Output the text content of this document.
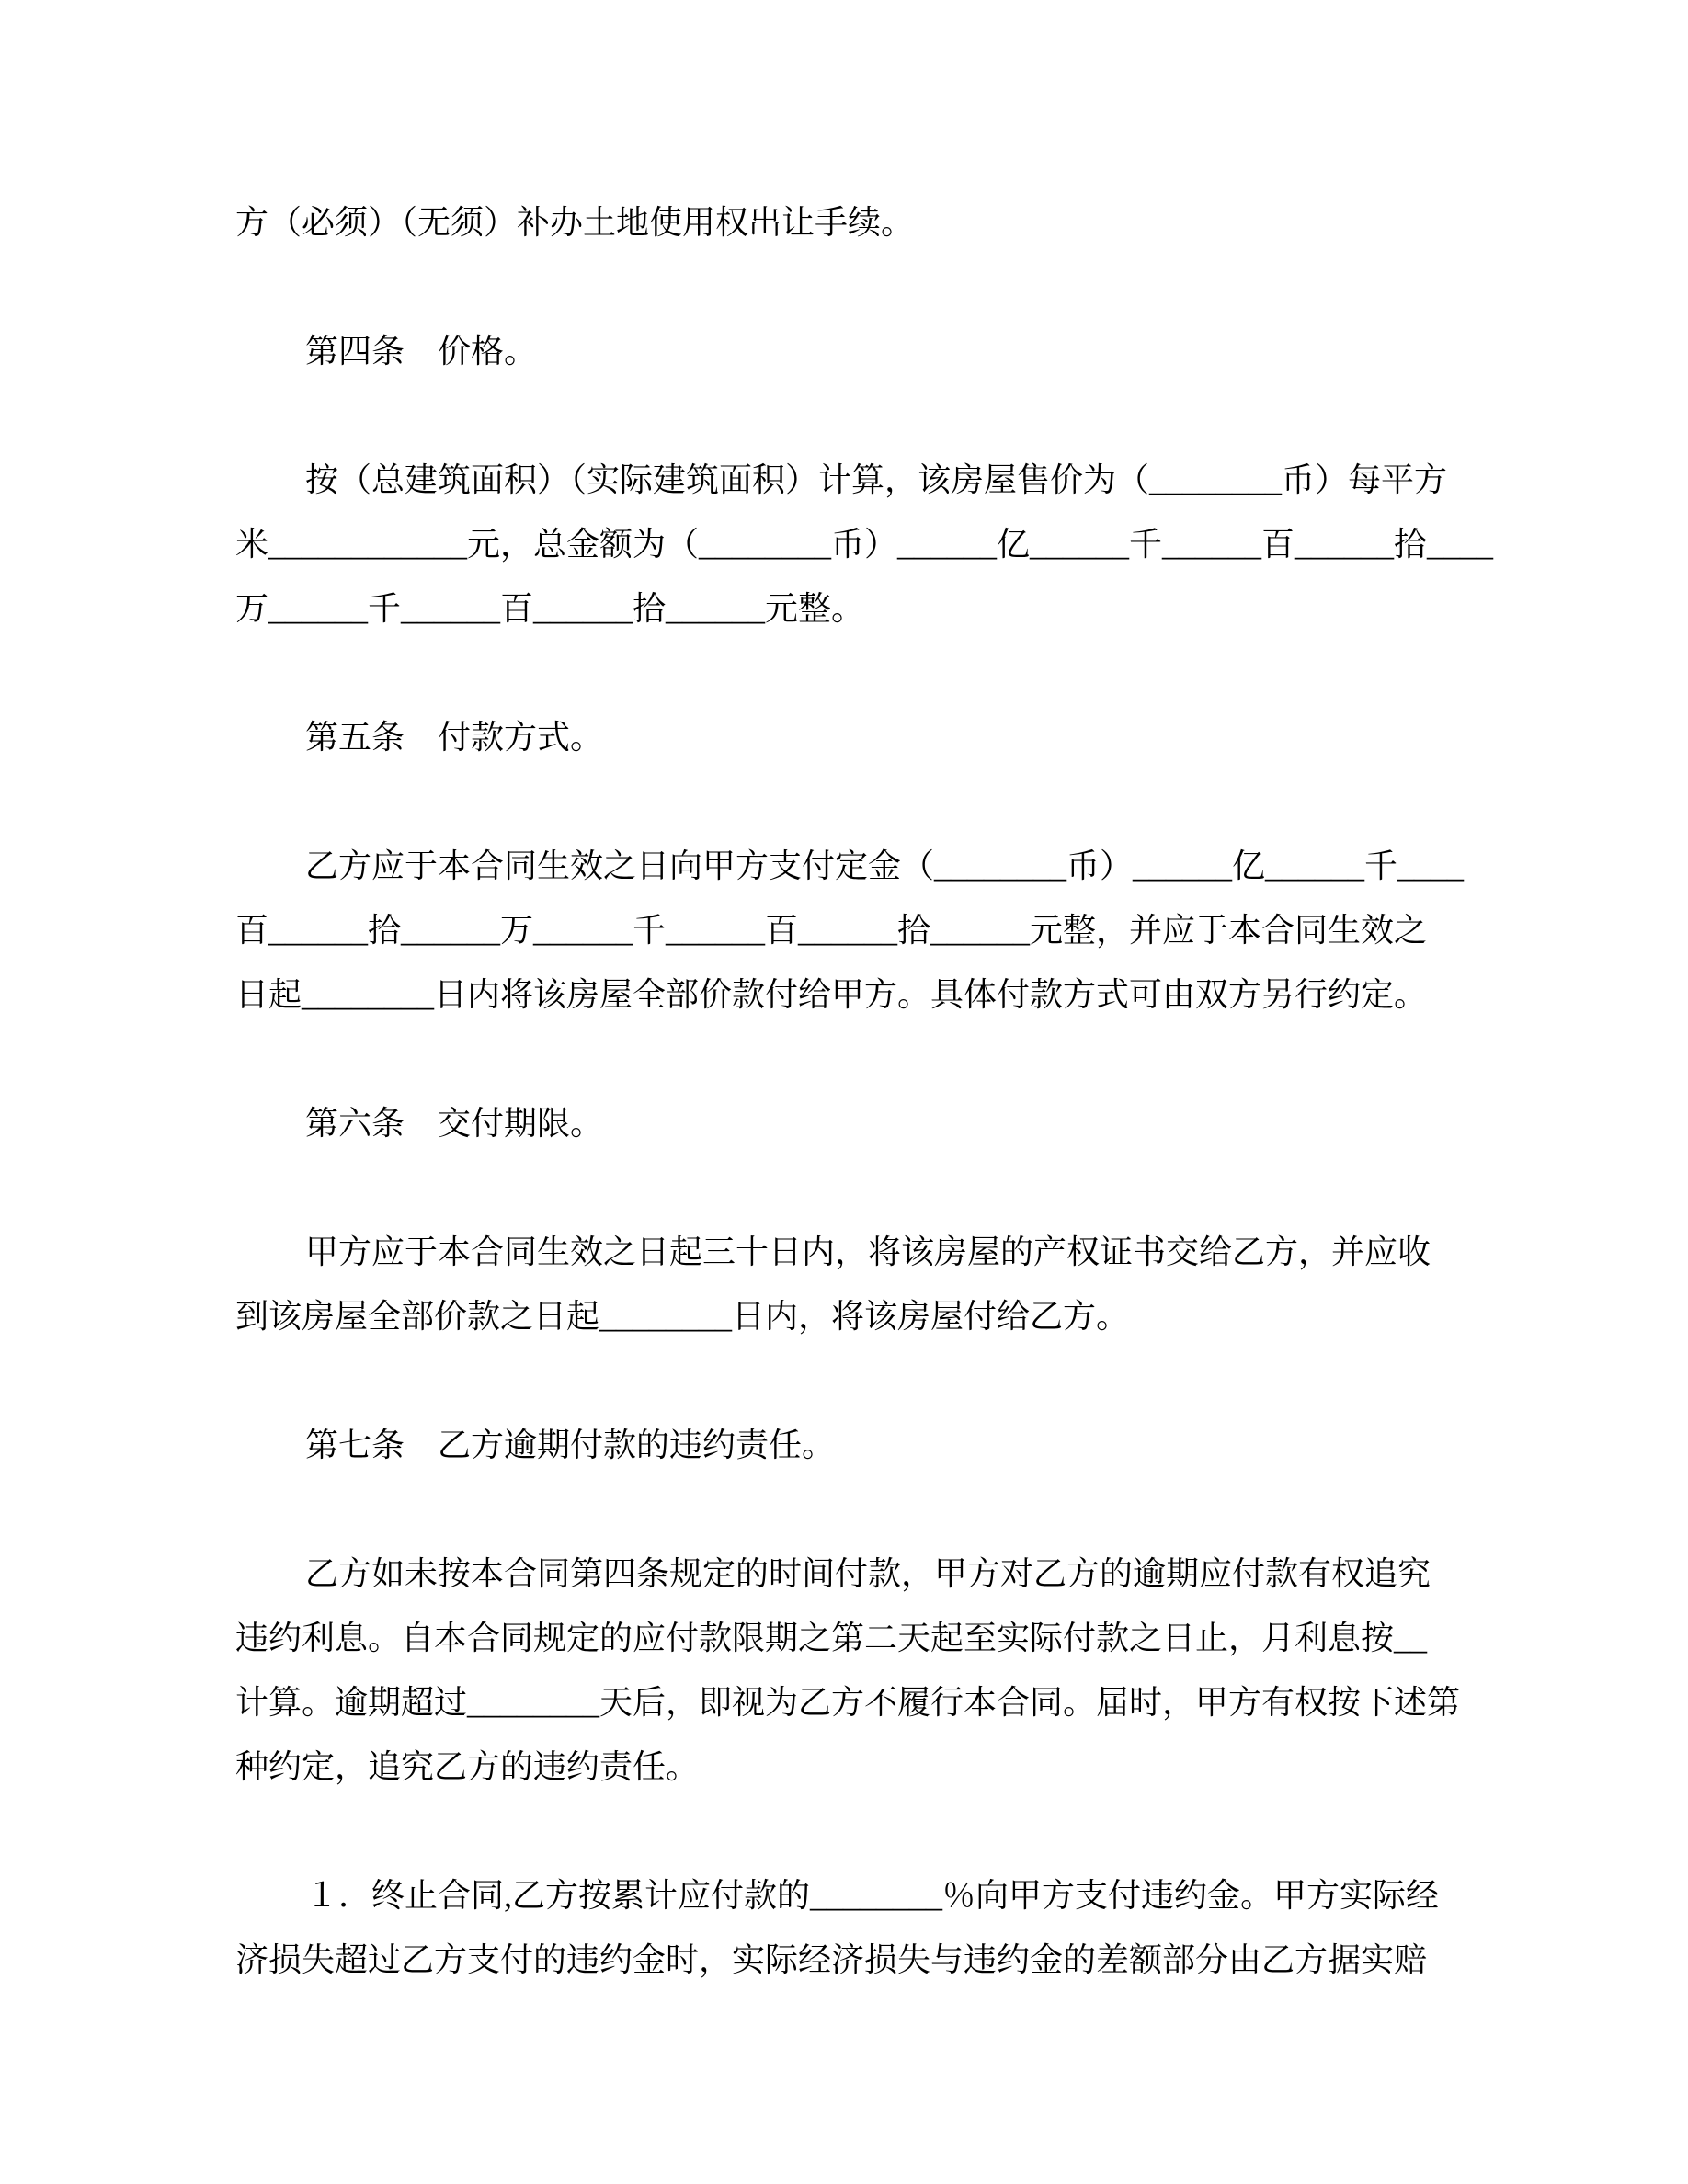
方（必须）（无须）补办土地使用权出让手续。
第四条　价格。
按（总建筑面积）（实际建筑面积）计算，该房屋售价为（________币）每平方
米____________元，总金额为（________币）______亿______千______百______拾____
万______千______百______拾______元整。
第五条　付款方式。
乙方应于本合同生效之日向甲方支付定金（________币）______亿______千____
百______拾______万______千______百______拾______元整，并应于本合同生效之
日起________日内将该房屋全部价款付给甲方。具体付款方式可由双方另行约定。
第六条　交付期限。
甲方应于本合同生效之日起三十日内，将该房屋的产权证书交给乙方，并应收
到该房屋全部价款之日起________日内，将该房屋付给乙方。
第七条　乙方逾期付款的违约责任。
乙方如未按本合同第四条规定的时间付款，甲方对乙方的逾期应付款有权追究
违约利息。自本合同规定的应付款限期之第二天起至实际付款之日止，月利息按__
计算。逾期超过________天后，即视为乙方不履行本合同。届时，甲方有权按下述第
种约定，追究乙方的违约责任。
１．终止合同,乙方按累计应付款的________％向甲方支付违约金。甲方实际经
济损失超过乙方支付的违约金时，实际经济损失与违约金的差额部分由乙方据实赔
